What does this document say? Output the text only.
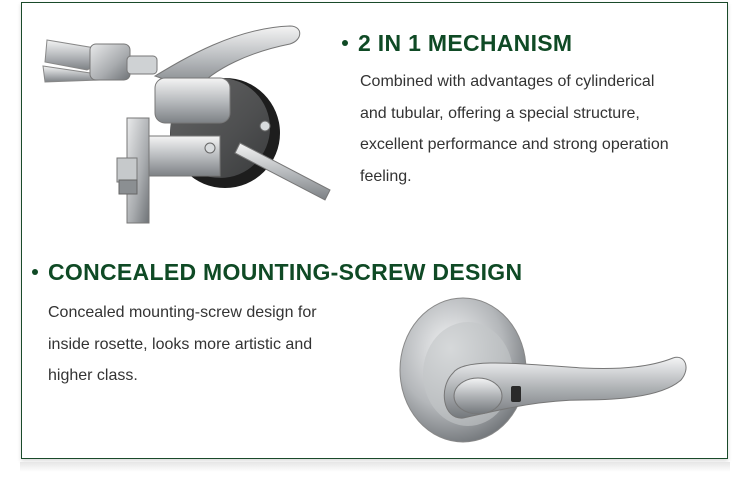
2 IN 1 MECHANISM
Combined with advantages of cylinderical
and tubular, offering a special structure,
excellent performance and strong operation
feeling.
CONCEALED MOUNTING-SCREW DESIGN
Concealed mounting-screw design for
inside rosette, looks more artistic and
higher class.
